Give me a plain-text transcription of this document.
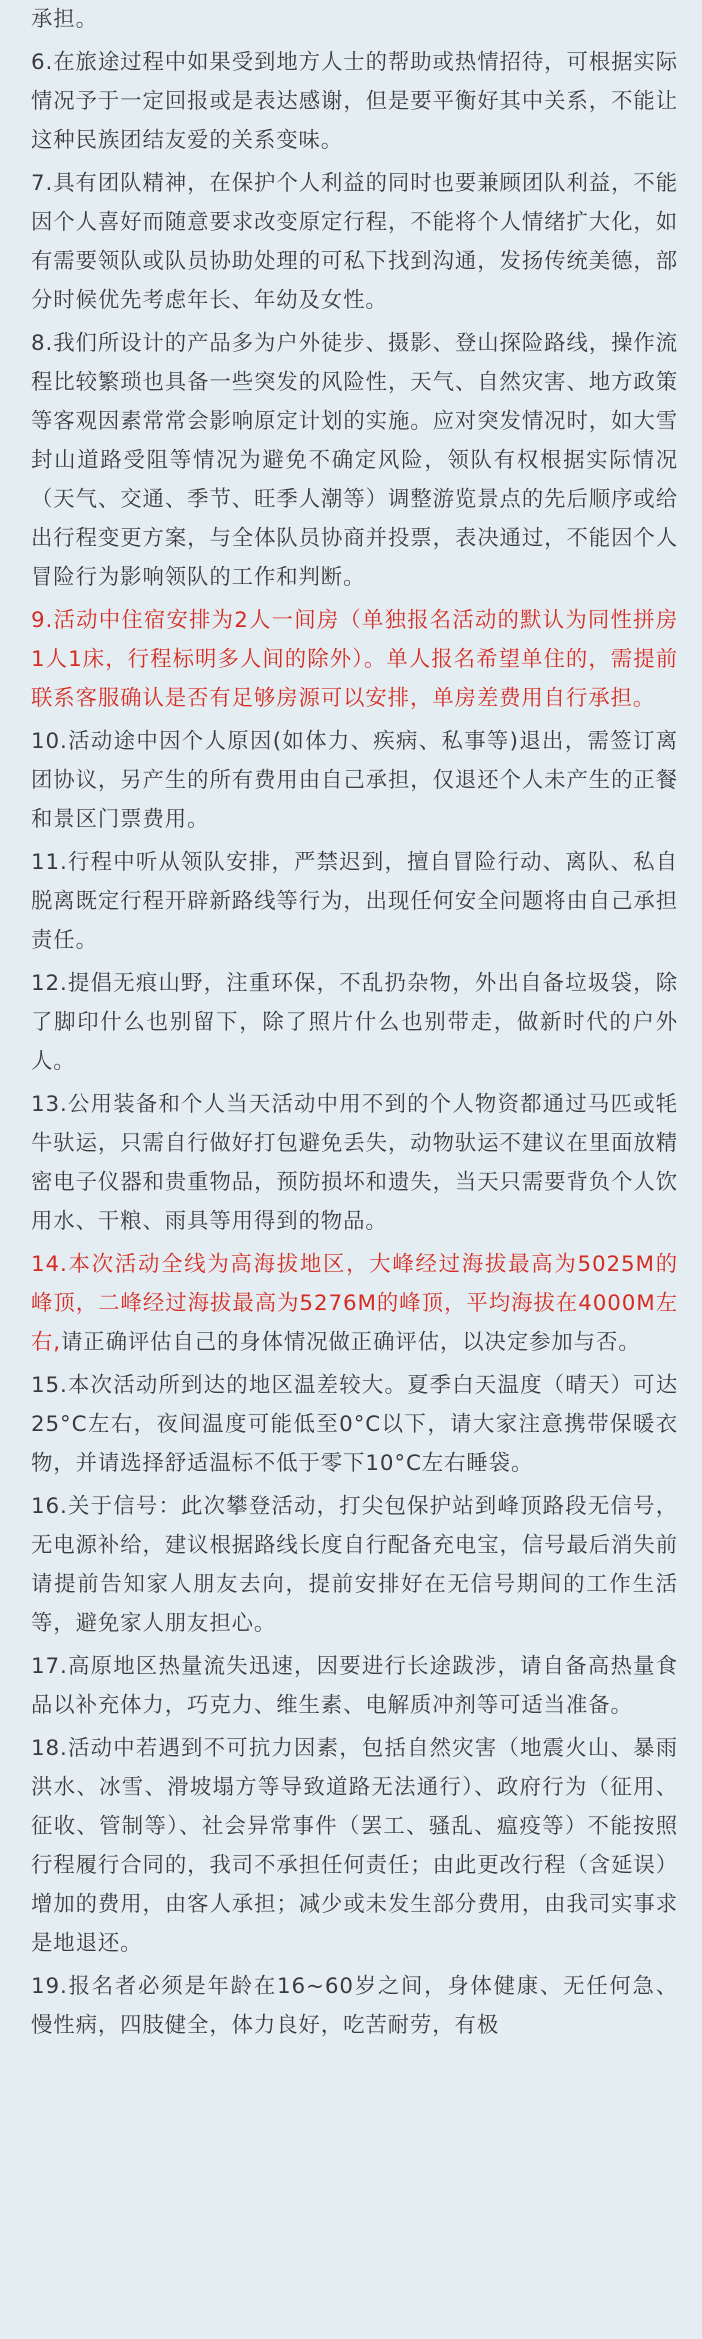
承担。

6.在旅途过程中如果受到地方人士的帮助或热情招待，可根据实际情况予于一定回报或是表达感谢，但是要平衡好其中关系，不能让这种民族团结友爱的关系变味。

7.具有团队精神，在保护个人利益的同时也要兼顾团队利益，不能因个人喜好而随意要求改变原定行程，不能将个人情绪扩大化，如有需要领队或队员协助处理的可私下找到沟通，发扬传统美德，部分时候优先考虑年长、年幼及女性。

8.我们所设计的产品多为户外徒步、摄影、登山探险路线，操作流程比较繁琐也具备一些突发的风险性，天气、自然灾害、地方政策等客观因素常常会影响原定计划的实施。应对突发情况时，如大雪封山道路受阻等情况为避免不确定风险，领队有权根据实际情况（天气、交通、季节、旺季人潮等）调整游览景点的先后顺序或给出行程变更方案，与全体队员协商并投票，表决通过，不能因个人冒险行为影响领队的工作和判断。

9.活动中住宿安排为2人一间房（单独报名活动的默认为同性拼房1人1床，行程标明多人间的除外）。单人报名希望单住的，需提前联系客服确认是否有足够房源可以安排，单房差费用自行承担。

10.活动途中因个人原因(如体力、疾病、私事等)退出，需签订离团协议，另产生的所有费用由自己承担，仅退还个人未产生的正餐和景区门票费用。

11.行程中听从领队安排，严禁迟到，擅自冒险行动、离队、私自脱离既定行程开辟新路线等行为，出现任何安全问题将由自己承担责任。

12.提倡无痕山野，注重环保，不乱扔杂物，外出自备垃圾袋，除了脚印什么也别留下，除了照片什么也别带走，做新时代的户外人。

13.公用装备和个人当天活动中用不到的个人物资都通过马匹或牦牛驮运，只需自行做好打包避免丢失，动物驮运不建议在里面放精密电子仪器和贵重物品，预防损坏和遗失，当天只需要背负个人饮用水、干粮、雨具等用得到的物品。

14.本次活动全线为高海拔地区，大峰经过海拔最高为5025M的峰顶，二峰经过海拔最高为5276M的峰顶，平均海拔在4000M左右,请正确评估自己的身体情况做正确评估，以决定参加与否。

15.本次活动所到达的地区温差较大。夏季白天温度（晴天）可达25°C左右，夜间温度可能低至0°C以下，请大家注意携带保暖衣物，并请选择舒适温标不低于零下10°C左右睡袋。

16.关于信号：此次攀登活动，打尖包保护站到峰顶路段无信号，无电源补给，建议根据路线长度自行配备充电宝，信号最后消失前请提前告知家人朋友去向，提前安排好在无信号期间的工作生活等，避免家人朋友担心。

17.高原地区热量流失迅速，因要进行长途跋涉，请自备高热量食品以补充体力，巧克力、维生素、电解质冲剂等可适当准备。

18.活动中若遇到不可抗力因素，包括自然灾害（地震火山、暴雨洪水、冰雪、滑坡塌方等导致道路无法通行）、政府行为（征用、征收、管制等）、社会异常事件（罢工、骚乱、瘟疫等）不能按照行程履行合同的，我司不承担任何责任；由此更改行程（含延误）增加的费用，由客人承担；减少或未发生部分费用，由我司实事求是地退还。

19.报名者必须是年龄在16~60岁之间，身体健康、无任何急、慢性病，四肢健全，体力良好，吃苦耐劳，有极
